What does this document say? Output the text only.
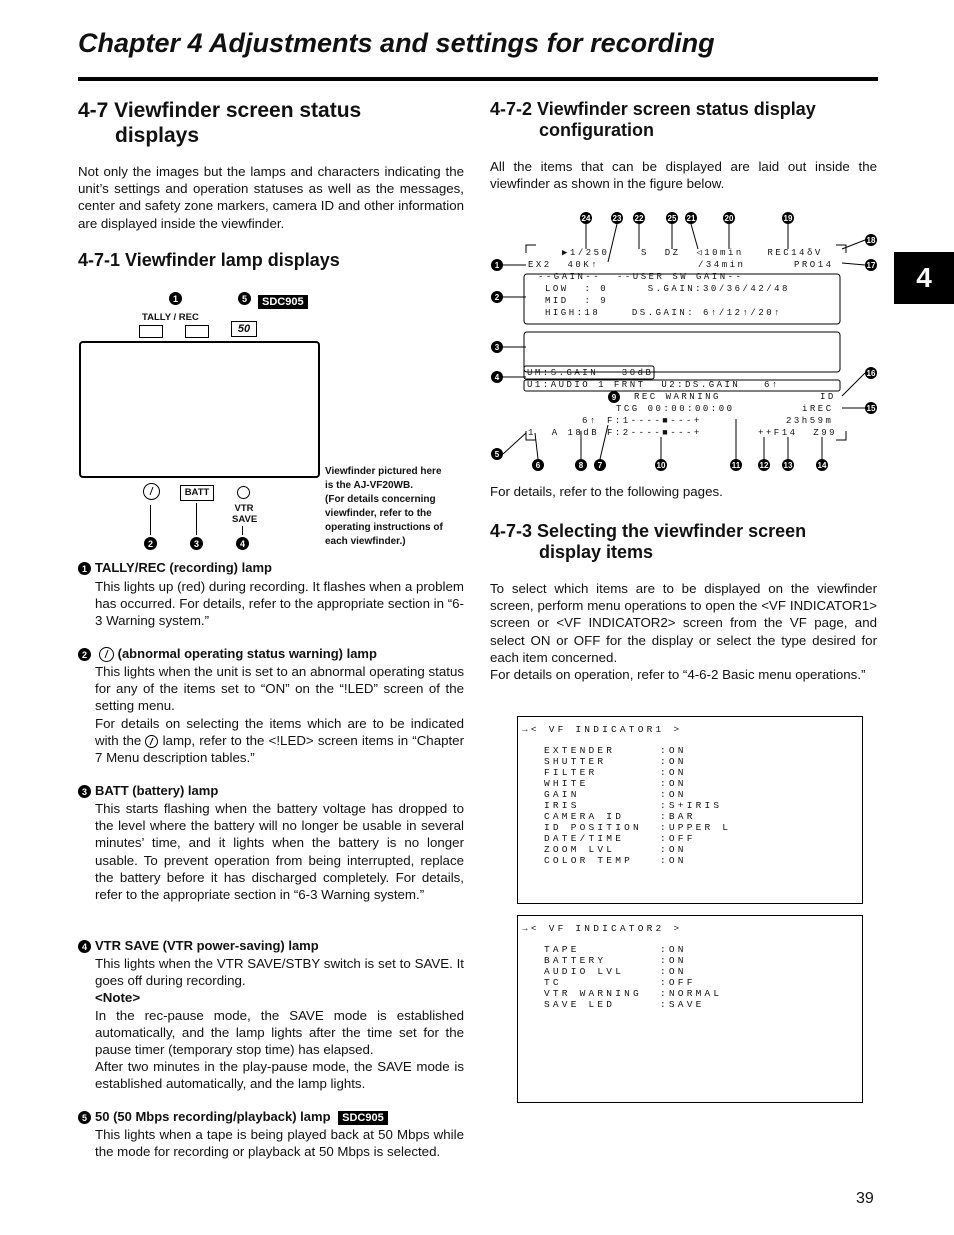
Chapter 4 Adjustments and settings for recording
4
4-7 Viewfinder screen status
displays
Not only the images but the lamps and characters indicating the unit’s settings and operation statuses as well as the messages, center and safety zone markers, camera ID and other information are displayed inside the viewfinder.
4-7-1 Viewfinder lamp displays
1	5	SDC905
TALLY / REC
50
BATT
VTR
SAVE
2	3	4
Viewfinder pictured here
is the AJ-VF20WB.
(For details concerning
viewfinder, refer to the
operating instructions of
each viewfinder.)
1 TALLY/REC (recording) lamp
This lights up (red) during recording. It flashes when a problem has occurred. For details, refer to the appropriate section in “6-3 Warning system.”
2 (abnormal operating status warning) lamp
This lights when the unit is set to an abnormal operating status for any of the items set to “ON” on the “!LED” screen of the setting menu.
For details on selecting the items which are to be indicated with the lamp, refer to the <!LED> screen items in “Chapter 7 Menu description tables.”
3 BATT (battery) lamp
This starts flashing when the battery voltage has dropped to the level where the battery will no longer be usable in several minutes’ time, and it lights when the battery is no longer usable. To prevent operation from being interrupted, replace the battery before it has discharged completely. For details, refer to the appropriate section in “6-3 Warning system.”
4 VTR SAVE (VTR power-saving) lamp
This lights when the VTR SAVE/STBY switch is set to SAVE. It goes off during recording.
<Note>
In the rec-pause mode, the SAVE mode is established automatically, and the lamp lights after the time set for the pause timer (temporary stop time) has elapsed.
After two minutes in the play-pause mode, the SAVE mode is established automatically, and the lamp lights.
5 50 (50 Mbps recording/playback) lamp SDC905
This lights when a tape is being played back at 50 Mbps while the mode for recording or playback at 50 Mbps is selected.
4-7-2 Viewfinder screen status display
configuration
All the items that can be displayed are laid out inside the viewfinder as shown in the figure below.
24	23 22	25 21	20	19
18
17
16
15
1
2
3
4
5
6	8	7	10	11 12 13	14
9
▶1/250    S  DZ  ◁10min   REC14δV
EX2  40K↑	/34min	PRO14
--GAIN--  --USER SW GAIN--
LOW  : 0     S.GAIN:30/36/42/48
MID  : 9
HIGH:18    DS.GAIN: 6↑/12↑/20↑
UM:S.GAIN   30dB
U1:AUDIO 1 FRNT  U2:DS.GAIN   6↑
REC WARNING	ID
TCG 00:00:00:00	iREC
6↑ F:1----■---+	23h59m
1  A 18dB F:2----■---+	++F14  Z99
For details, refer to the following pages.
4-7-3 Selecting the viewfinder screen
display items
To select which items are to be displayed on the viewfinder screen, perform menu operations to open the <VF INDICATOR1> screen or <VF INDICATOR2> screen from the VF page, and select ON or OFF for the display or select the type desired for each item concerned.
For details on operation, refer to “4-6-2 Basic menu operations.”
→< VF INDICATOR1 >
EXTENDER	:ON
SHUTTER	:ON
FILTER	:ON
WHITE	:ON
GAIN	:ON
IRIS	:S+IRIS
CAMERA ID	:BAR
ID POSITION	:UPPER L
DATE/TIME	:OFF
ZOOM LVL	:ON
COLOR TEMP	:ON
→< VF INDICATOR2 >
TAPE	:ON
BATTERY	:ON
AUDIO LVL	:ON
TC	:OFF
VTR WARNING	:NORMAL
SAVE LED	:SAVE
39
